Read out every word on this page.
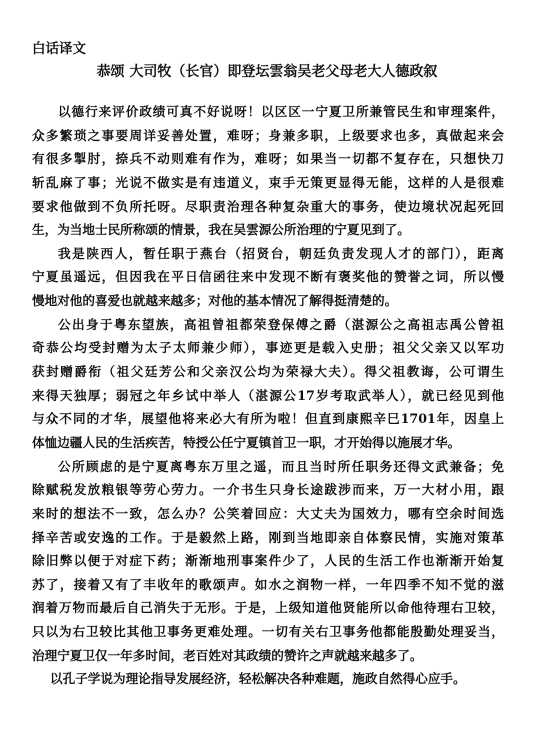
白话译文
恭颂 大司牧（长官）即登坛雲翁吴老父母老大人德政叙
以德行来评价政绩可真不好说呀！以区区一宁夏卫所兼管民生和审理案件，
众多繁琐之事要周详妥善处置，难呀；身兼多职，上级要求也多，真做起来会
有很多掣肘，捺兵不动则难有作为，难呀；如果当一切都不复存在，只想快刀
斩乱麻了事；光说不做实是有违道义，束手无策更显得无能，这样的人是很难
要求他做到不负所托呀。尽职责治理各种复杂重大的事务，使边境状况起死回
生，为当地士民所称颂的情景，我在吴雲源公所治理的宁夏见到了。
我是陕西人，暂任职于燕台（招贤台，朝廷负责发现人才的部门），距离
宁夏虽遥远，但因我在平日信函往来中发现不断有褒奖他的赞誉之词，所以慢
慢地对他的喜爱也就越来越多；对他的基本情况了解得挺清楚的。
公出身于粤东望族，高祖曾祖都荣登保傅之爵（湛源公之高祖志禹公曾祖
奇恭公均受封赠为太子太师兼少师），事迹更是载入史册；祖父父亲又以军功
获封赠爵衔（祖父廷芳公和父亲汉公均为荣禄大夫）。得父祖教诲，公可谓生
来得天独厚；弱冠之年乡试中举人（湛源公17岁考取武举人），就已经见到他
与众不同的才华，展望他将来必大有所为啦！但直到康熙辛巳1701年，因皇上
体恤边疆人民的生活疾苦，特授公任宁夏镇首卫一职，才开始得以施展才华。
公所顾虑的是宁夏离粤东万里之遥，而且当时所任职务还得文武兼备；免
除赋税发放粮银等劳心劳力。一介书生只身长途跋涉而来，万一大材小用，跟
来时的想法不一致，怎么办？公笑着回应：大丈夫为国效力，哪有空余时间选
择辛苦或安逸的工作。于是毅然上路，刚到当地即亲自体察民情，实施对策革
除旧弊以便于对症下药；渐渐地刑事案件少了，人民的生活工作也渐渐开始复
苏了，接着又有了丰收年的歌颂声。如水之润物一样，一年四季不知不觉的滋
润着万物而最后自己消失于无形。于是，上级知道他贤能所以命他待理右卫较，
只以为右卫较比其他卫事务更难处理。一切有关右卫事务他都能殷勤处理妥当，
治理宁夏卫仅一年多时间，老百姓对其政绩的赞许之声就越来越多了。
以孔子学说为理论指导发展经济，轻松解决各种难题，施政自然得心应手。
